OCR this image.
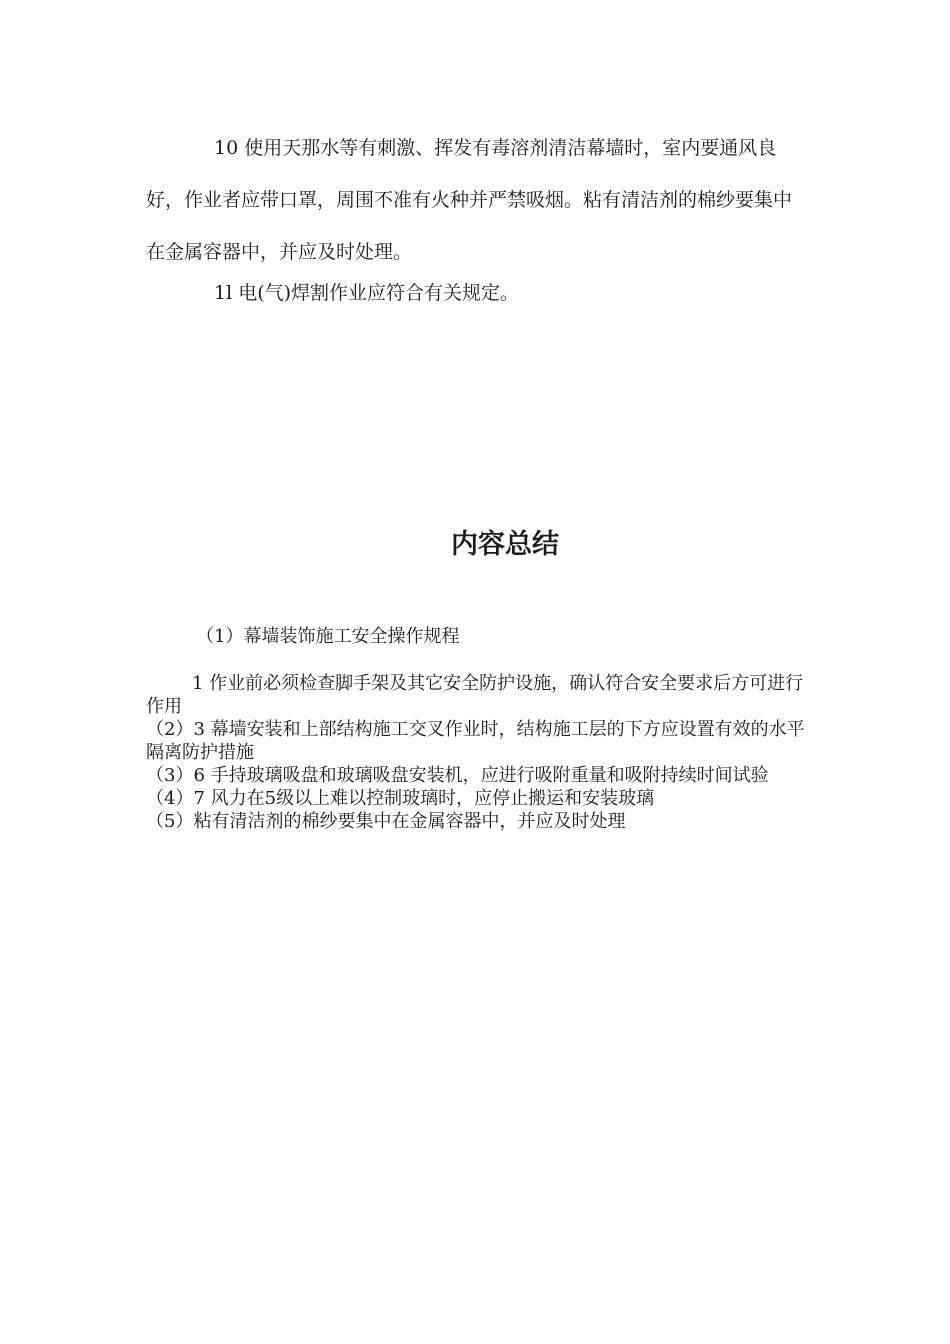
10 使用天那水等有刺激、挥发有毒溶剂清洁幕墙时，室内要通风良好，作业者应带口罩，周围不准有火种并严禁吸烟。粘有清洁剂的棉纱要集中在金属容器中，并应及时处理。

1l 电(气)焊割作业应符合有关规定。

内容总结

（1）幕墙装饰施工安全操作规程

1 作业前必须检查脚手架及其它安全防护设施，确认符合安全要求后方可进行作用

（2）3 幕墙安装和上部结构施工交叉作业时，结构施工层的下方应设置有效的水平隔离防护措施

（3）6 手持玻璃吸盘和玻璃吸盘安装机，应进行吸附重量和吸附持续时间试验

（4）7 风力在5级以上难以控制玻璃时，应停止搬运和安装玻璃

（5）粘有清洁剂的棉纱要集中在金属容器中，并应及时处理
